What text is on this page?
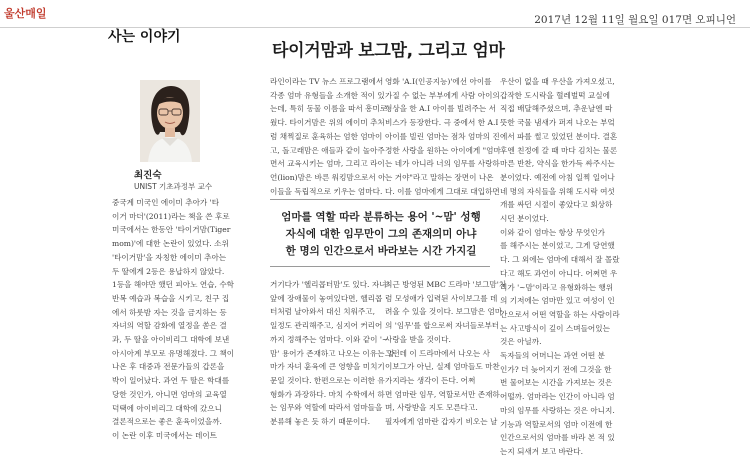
울산매일	2017년 12월 11일 월요일 017면 오피니언
사는 이야기
타이거맘과 보그맘, 그리고 엄마
최진숙
UNIST 기초과정부 교수
중국계 미국인 에이미 추아가 '타
이거 마더'(2011)라는 책을 쓴 후로
미국에서는 한동안 '타이거맘(Tiger
mom)'에 대한 논란이 있었다. 소위
'타이거맘'을 자칭한 에이미 추아는
두 딸에게 2등은 용납하지 않았다.
1등을 해야만 했던 피아노 연습, 수학
반복 예습과 복습을 시키고, 친구 집
에서 하룻밤 자는 것을 금지하는 등
자녀의 역할 감화에 열정을 쏟은 결
과, 두 딸을 아이비리그 대학에 보낸
아시아계 부모로 유명해졌다. 그 책이
나온 후 대중과 전문가들의 갑론을
박이 일어났다. 과연 두 딸은 학대를
당한 것인가, 아니면 엄마의 교육열
덕택에 아이비리그 대학에 갔으니
결론적으로는 좋은 훈육이었을까.
이 논란 이후 미국에서는 데이트
라인이라는 TV 뉴스 프로그램에서
각종 엄마 유형들을 소개한 적이 있
는데, 특히 동물 이름을 따서 흥미로
웠다. 타이거맘은 위의 에이미 추처
럼 채찍질로 훈육하는 엄한 엄마이
고, 돌고래맘은 애들과 같이 놀아주
면서 교육시키는 엄마, 그리고 라이
언(lion)맘은 바른 워킹맘으로서 아
이들을 독립적으로 키우는 엄마다.
영화 'A.I(인공지능)'에선 아이를
가질 수 없는 부부에게 사람 아이의
형상을 한 A.I 아이를 빌려주는 서
비스가 등장한다. 극 중에서 한 A.I
아이를 빌린 엄마는 점차 엄마의 진
정한 사랑을 원하는 아이에게 "엄마
는 네가 아니라 너의 임무를 사랑하
는 거야"라고 말하는 장면이 나온
다. 이를 엄마에게 그대로 대입하면
엄마를 역할 따라 분류하는 용어 '~맘' 성행
자식에 대한 임무만이 그의 존재의미 아냐
한 명의 인간으로서 바라보는 시간 가지길
거기다가 '헬리콥터맘'도 있다. 자녀
앞에 장애물이 놓여있다면, 헬리콥
터처럼 날아와서 대신 치워주고,
일정도 관리해주고, 심지어 커리어
까지 정해주는 엄마다. 이와 같이 '~
맘' 용어가 존재하고 나오는 이유는 엄
마가 자녀 훈육에 큰 영향을 미치기
문일 것이다. 한편으로는 이러한 유
형화가 과장하다. 마치 수학에서 하
는 임무와 역할에 따라서 엄마들을
분류해 놓은 듯 하기 때문이다.
최근 방영된 MBC 드라마 '보그맘'처
럼 모성애가 입력된 사이보그를 데
려올 수 있을 것이다. 보그맘은 엄마
의 '임무'를 합으로써 자녀들로부터
사랑을 받을 것이다.
그런데 이 드라마에서 나오는 사
이보그가 아닌, 실제 엄마들도 마찬
가지라는 생각이 든다. 어쩌
면 엄마란 임무, 역할로서만 존재하
며, 사랑받을 지도 모른다고.
필자에게 엄마란 갑자기 비오는 날
우산이 없을 때 우산을 가져오셨고,
갑작한 도시락을 혈레벌떡 교실에
직접 배달해주셨으며, 추운날엔 따
뜻한 국물 냄새가 퍼져 나오는 부엌
에서 파를 썰고 있었던 분이다. 결혼
후엔 친정에 갈 때 마다 김치는 물론
마른 반찬, 약식을 한가득 싸주시는
분이었다. 예전에 아침 일찍 일어나
네 명의 자식들을 위해 도시락 여섯
개를 싸던 시절이 좋았다고 회상하
시던 분이었다.
이와 같이 엄마는 항상 무엇인가
를 해주시는 분이었고, 그게 당연했
다. 그 외에는 엄마에 대해서 잘 몰랐
다고 해도 과언이 아니다. 어쩌면 우
리가 '~맘'이라고 유형화하는 행위
의 기저에는 엄마만 있고 여성이 인
간으로서 어떤 역할을 하는 사람이라
는 사고방식이 깊이 스며들어있는
것은 아닐까.
독자들의 어머니는 과연 어떤 분
인가? 더 늦어지기 전에 그것을 한
번 물어보는 시간을 가져보는 것은
어떨까. 엄마라는 인간이 아니라 엄
마의 임무를 사랑하는 것은 아니지.
기능과 역할로서의 엄마 이전에 한
인간으로서의 엄마를 바라 본 적 있
는지 되새겨 보고 바란다.
